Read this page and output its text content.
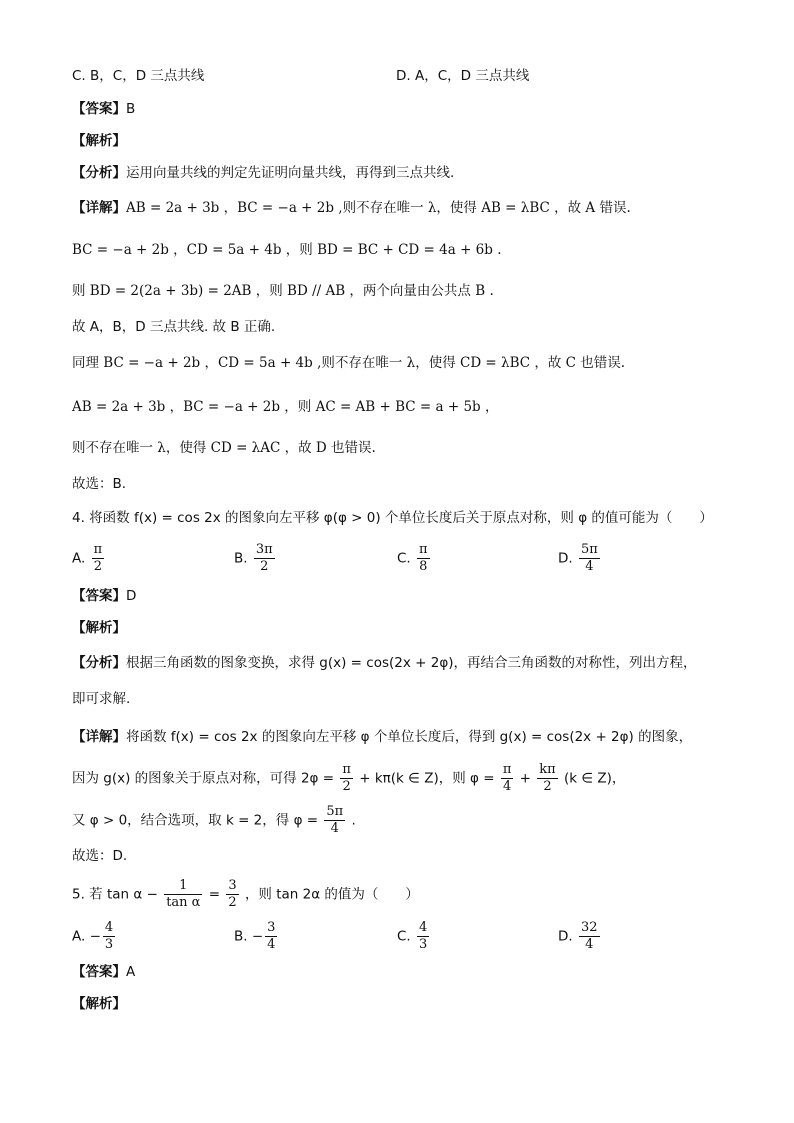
C. B，C，D 三点共线	D. A，C，D 三点共线
【答案】B
【解析】
【分析】运用向量共线的判定先证明向量共线，再得到三点共线.
【详解】AB = 2a + 3b ，BC = −a + 2b ,则不存在唯一 λ，使得 AB = λBC ，故 A 错误.
BC = −a + 2b ，CD = 5a + 4b ，则 BD = BC + CD = 4a + 6b .
则 BD = 2(2a + 3b) = 2AB ，则 BD // AB ，两个向量由公共点 B .
故 A，B，D 三点共线. 故 B 正确.
同理 BC = −a + 2b ，CD = 5a + 4b ,则不存在唯一 λ，使得 CD = λBC ，故 C 也错误.
AB = 2a + 3b ，BC = −a + 2b ，则 AC = AB + BC = a + 5b ，
则不存在唯一 λ，使得 CD = λAC ，故 D 也错误.
故选：B.
4. 将函数 f(x) = cos 2x 的图象向左平移 φ(φ > 0) 个单位长度后关于原点对称，则 φ 的值可能为（　　）
A. $\frac{\pi}{2}$	B. $\frac{3\pi}{2}$	C. $\frac{\pi}{8}$	D. $\frac{5\pi}{4}$
【答案】D
【解析】
【分析】根据三角函数的图象变换，求得 g(x) = cos(2x + 2φ)，再结合三角函数的对称性，列出方程，
即可求解.
【详解】将函数 f(x) = cos 2x 的图象向左平移 φ 个单位长度后，得到 g(x) = cos(2x + 2φ) 的图象，
因为 g(x) 的图象关于原点对称，可得 $2\varphi = \frac{\pi}{2} + k\pi(k$ ∈ Z)，则 $\varphi = \frac{\pi}{4} + \frac{k\pi}{2} (k$ ∈ Z)，
又 φ > 0，结合选项，取 k = 2，得 $\varphi = \frac{5\pi}{4}$ .
故选：D.
5. 若 $\tan \alpha - \frac{1}{\text{tan α}} = \frac{3}{2}$ ，则 tan 2α 的值为（　　）
A. − $\frac{4}{3}$	B. − $\frac{3}{4}$	C. $\frac{4}{3}$	D. $\frac{32}{4}$
【答案】A
【解析】
